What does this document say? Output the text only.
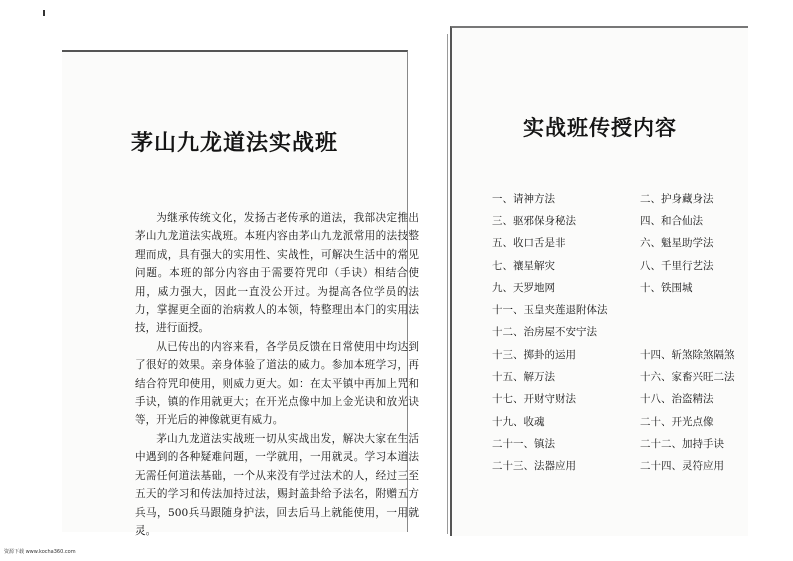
茅山九龙道法实战班

为继承传统文化，发扬古老传承的道法，我部决定推出茅山九龙道法实战班。本班内容由茅山九龙派常用的法技整理而成，具有强大的实用性、实战性，可解决生活中的常见问题。本班的部分内容由于需要符咒印（手诀）相结合使用，威力强大，因此一直没公开过。为提高各位学员的法力，掌握更全面的治病救人的本领，特整理出本门的实用法技，进行面授。

从已传出的内容来看，各学员反馈在日常使用中均达到了很好的效果。亲身体验了道法的威力。参加本班学习，再结合符咒印使用，则威力更大。如：在太平镇中再加上咒和手诀，镇的作用就更大；在开光点像中加上金光诀和放光诀等，开光后的神像就更有威力。

茅山九龙道法实战班一切从实战出发，解决大家在生活中遇到的各种疑难问题，一学就用，一用就灵。学习本道法无需任何道法基础，一个从来没有学过法术的人，经过三至五天的学习和传法加持过法，赐封盖卦给予法名，附赠五方兵马，500兵马跟随身护法，回去后马上就能使用，一用就灵。

实战班传授内容
一、请神方法	二、护身藏身法
三、驱邪保身秘法	四、和合仙法
五、收口舌是非	六、魁星助学法
七、禳星解灾	八、千里行艺法
九、天罗地网	十、铁围城
十一、玉皇夹莲退附体法
十二、治房屋不安宁法
十三、掷卦的运用	十四、斩煞除煞隔煞
十五、解万法	十六、家畜兴旺二法
十七、开财守财法	十八、治盗精法
十九、收魂	二十、开光点像
二十一、镇法	二十二、加持手诀
二十三、法器应用	二十四、灵符应用
资源下载 www.kocha360.com
